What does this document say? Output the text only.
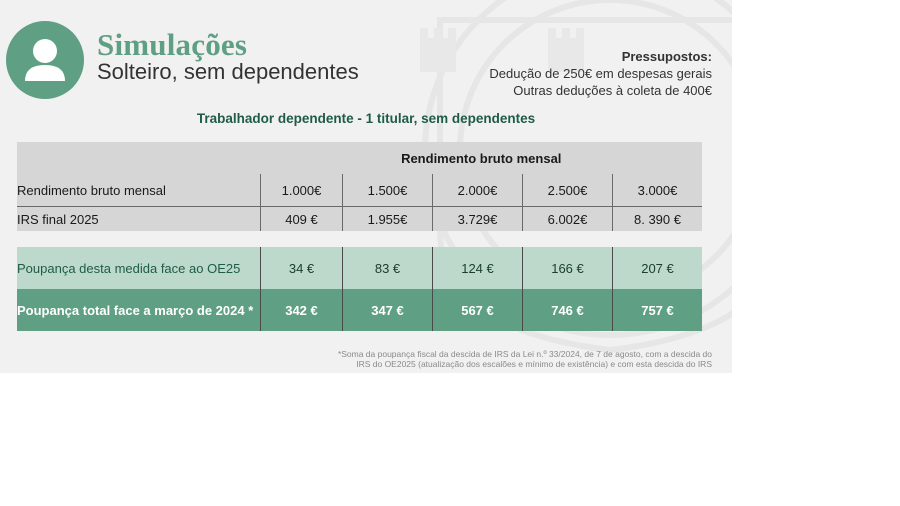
Simulações
Solteiro, sem dependentes
Pressupostos:
Dedução de 250€ em despesas gerais
Outras deduções à coleta de 400€
Trabalhador dependente - 1 titular, sem dependentes
	Rendimento bruto mensal				
Rendimento bruto mensal	1.000€	1.500€	2.000€	2.500€	3.000€
IRS final 2025	409 €	1.955€	3.729€	6.002€	8. 390 €

Poupança desta medida face ao OE25	34 €	83 €	124 €	166 €	207 €
Poupança total face a março de 2024 *	342 €	347 €	567 €	746 €	757 €
*Soma da poupança fiscal da descida de IRS da Lei n.º 33/2024, de 7 de agosto, com a descida do
IRS do OE2025 (atualização dos escalões e mínimo de existência) e com esta descida do IRS
